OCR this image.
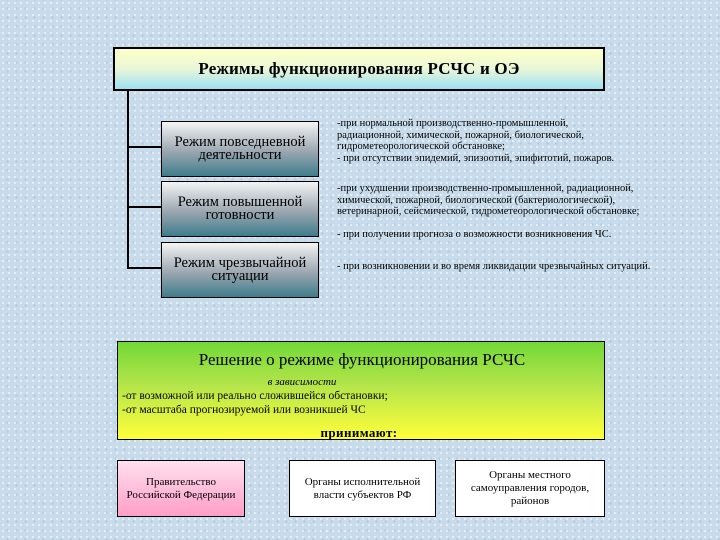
Режимы функционирования РСЧС и ОЭ
Режим повседневной деятельности
Режим повышенной готовности
Режим чрезвычайной ситуации
-при нормальной производственно-промышленной,
радиационной, химической, пожарной, биологической,
гидрометеорологической обстановке;
- при отсутствии эпидемий, эпизоотий, эпифитотий, пожаров.
-при ухудшении производственно-промышленной, радиационной,
химической, пожарной, биологической (бактериологической),
ветеринарной, сейсмической, гидрометеорологической обстановке;

- при получении прогноза о возможности возникновения ЧС.
- при возникновении и во время ликвидации чрезвычайных ситуаций.
Решение о режиме функционирования РСЧС
в зависимости
-от возможной или реально сложившейся обстановки;
-от масштаба прогнозируемой или возникшей ЧС
принимают:
Правительство Российской Федерации
Органы исполнительной власти субъектов РФ
Органы местного самоуправления городов, районов
